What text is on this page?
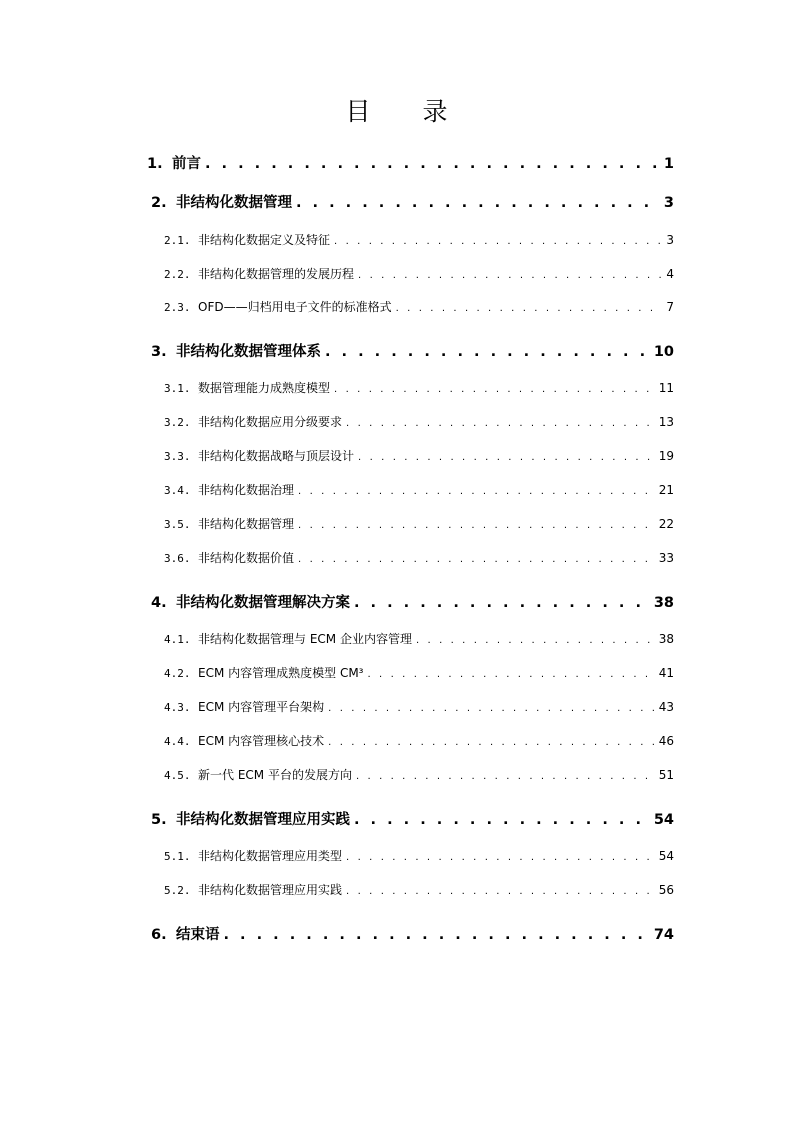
目 录
1. 前言 . . .	1
2. 非结构化数据管理 . . .	3
2.1. 非结构化数据定义及特征 . . .	3
2.2. 非结构化数据管理的发展历程 . . .	4
2.3. OFD——归档用电子文件的标准格式 . . .	7
3. 非结构化数据管理体系 . . .	10
3.1. 数据管理能力成熟度模型 . . .	11
3.2. 非结构化数据应用分级要求 . . .	13
3.3. 非结构化数据战略与顶层设计 . . .	19
3.4. 非结构化数据治理 . . .	21
3.5. 非结构化数据管理 . . .	22
3.6. 非结构化数据价值 . . .	33
4. 非结构化数据管理解决方案 . . .	38
4.1. 非结构化数据管理与 ECM 企业内容管理 . . .	38
4.2. ECM 内容管理成熟度模型 CM³ . . .	41
4.3. ECM 内容管理平台架构 . . .	43
4.4. ECM 内容管理核心技术 . . .	46
4.5. 新一代 ECM 平台的发展方向 . . .	51
5. 非结构化数据管理应用实践 . . .	54
5.1. 非结构化数据管理应用类型 . . .	54
5.2. 非结构化数据管理应用实践 . . .	56
6. 结束语 . . .	74
